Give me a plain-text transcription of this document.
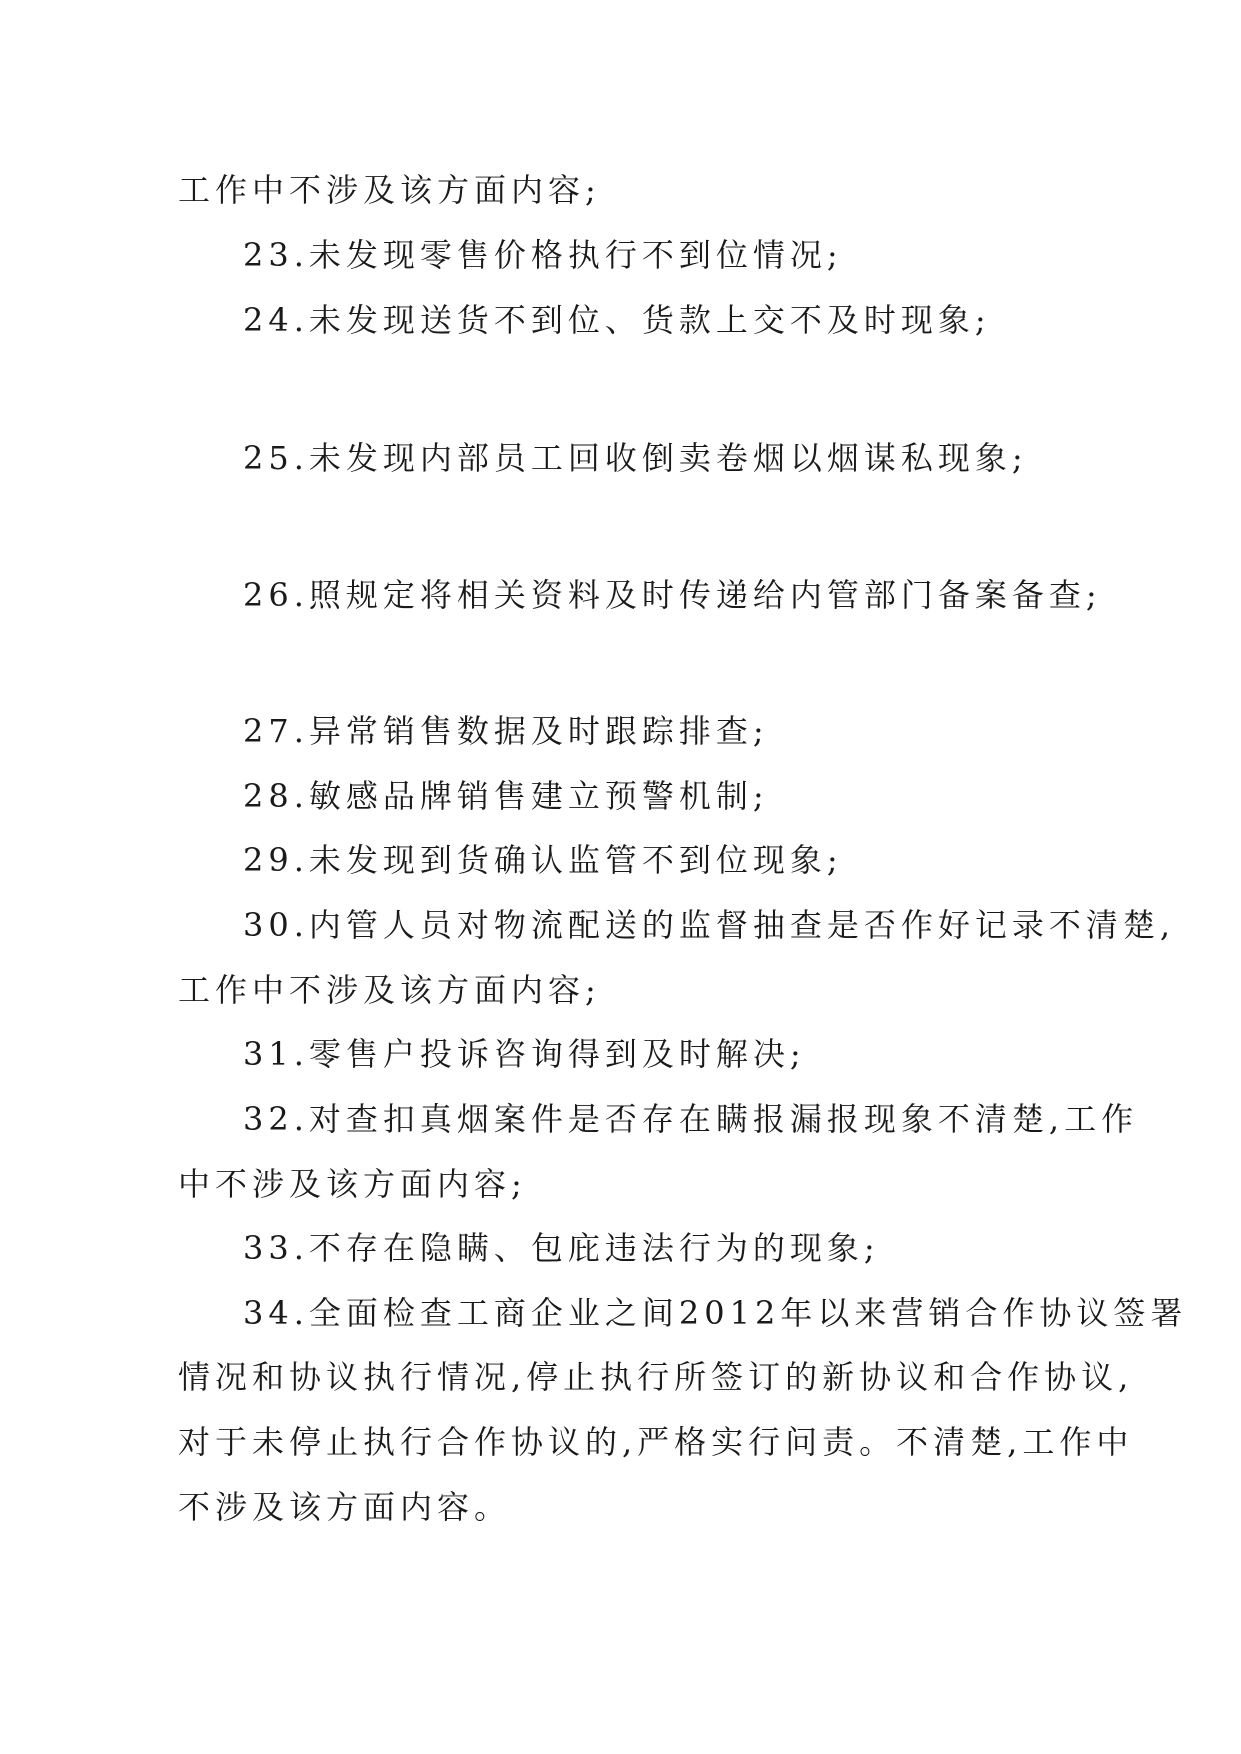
工作中不涉及该方面内容;
23.未发现零售价格执行不到位情况;
24.未发现送货不到位、货款上交不及时现象;
25.未发现内部员工回收倒卖卷烟以烟谋私现象;
26.照规定将相关资料及时传递给内管部门备案备查;
27.异常销售数据及时跟踪排查;
28.敏感品牌销售建立预警机制;
29.未发现到货确认监管不到位现象;
30.内管人员对物流配送的监督抽查是否作好记录不清楚,
工作中不涉及该方面内容;
31.零售户投诉咨询得到及时解决;
32.对查扣真烟案件是否存在瞒报漏报现象不清楚,工作
中不涉及该方面内容;
33.不存在隐瞒、包庇违法行为的现象;
34.全面检查工商企业之间2012年以来营销合作协议签署
情况和协议执行情况,停止执行所签订的新协议和合作协议,
对于未停止执行合作协议的,严格实行问责。不清楚,工作中
不涉及该方面内容。
